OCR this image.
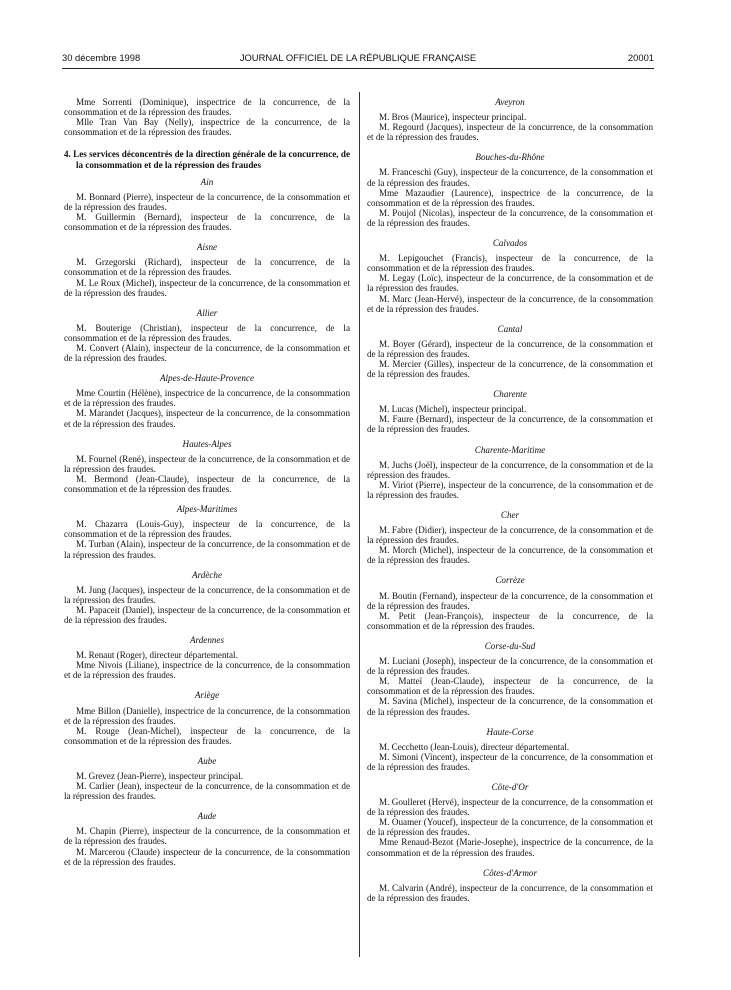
30 décembre 1998	JOURNAL OFFICIEL DE LA RÉPUBLIQUE FRANÇAISE	20001

Mme Sorrenti (Dominique), inspectrice de la concurrence, de la consommation et de la répression des fraudes.

Mlle Tran Van Bay (Nelly), inspectrice de la concurrence, de la consommation et de la répression des fraudes.

4. Les services déconcentrés de la direction générale de la concurrence, de la consommation et de la répression des fraudes

Ain

M. Bonnard (Pierre), inspecteur de la concurrence, de la consommation et de la répression des fraudes.

M. Guillermin (Bernard), inspecteur de la concurrence, de la consommation et de la répression des fraudes.

Aisne

M. Grzegorski (Richard), inspecteur de la concurrence, de la consommation et de la répression des fraudes.

M. Le Roux (Michel), inspecteur de la concurrence, de la consommation et de la répression des fraudes.

Allier

M. Bouterige (Christian), inspecteur de la concurrence, de la consommation et de la répression des fraudes.

M. Convert (Alain), inspecteur de la concurrence, de la consommation et de la répression des fraudes.

Alpes-de-Haute-Provence

Mme Courtin (Hélène), inspectrice de la concurrence, de la consommation et de la répression des fraudes.

M. Marandet (Jacques), inspecteur de la concurrence, de la consommation et de la répression des fraudes.

Hautes-Alpes

M. Fournel (René), inspecteur de la concurrence, de la consommation et de la répression des fraudes.

M. Bermond (Jean-Claude), inspecteur de la concurrence, de la consommation et de la répression des fraudes.

Alpes-Maritimes

M. Chazarra (Louis-Guy), inspecteur de la concurrence, de la consommation et de la répression des fraudes.

M. Turban (Alain), inspecteur de la concurrence, de la consommation et de la répression des fraudes.

Ardèche

M. Jung (Jacques), inspecteur de la concurrence, de la consommation et de la répression des fraudes.

M. Papaceit (Daniel), inspecteur de la concurrence, de la consommation et de la répression des fraudes.

Ardennes

M. Renaut (Roger), directeur départemental.

Mme Nivois (Liliane), inspectrice de la concurrence, de la consommation et de la répression des fraudes.

Ariège

Mme Billon (Danielle), inspectrice de la concurrence, de la consommation et de la répression des fraudes.

M. Rouge (Jean-Michel), inspecteur de la concurrence, de la consommation et de la répression des fraudes.

Aube

M. Grevez (Jean-Pierre), inspecteur principal.

M. Carlier (Jean), inspecteur de la concurrence, de la consommation et de la répression des fraudes.

Aude

M. Chapin (Pierre), inspecteur de la concurrence, de la consommation et de la répression des fraudes.

M. Marcerou (Claude) inspecteur de la concurrence, de la consommation et de la répression des fraudes.

Aveyron

M. Bros (Maurice), inspecteur principal.

M. Regourd (Jacques), inspecteur de la concurrence, de la consommation et de la répression des fraudes.

Bouches-du-Rhône

M. Franceschi (Guy), inspecteur de la concurrence, de la consommation et de la répression des fraudes.

Mme Mazaudier (Laurence), inspectrice de la concurrence, de la consommation et de la répression des fraudes.

M. Poujol (Nicolas), inspecteur de la concurrence, de la consommation et de la répression des fraudes.

Calvados

M. Lepigouchet (Francis), inspecteur de la concurrence, de la consommation et de la répression des fraudes.

M. Legay (Loïc), inspecteur de la concurrence, de la consommation et de la répression des fraudes.

M. Marc (Jean-Hervé), inspecteur de la concurrence, de la consommation et de la répression des fraudes.

Cantal

M. Boyer (Gérard), inspecteur de la concurrence, de la consommation et de la répression des fraudes.

M. Mercier (Gilles), inspecteur de la concurrence, de la consommation et de la répression des fraudes.

Charente

M. Lucas (Michel), inspecteur principal.

M. Faure (Bernard), inspecteur de la concurrence, de la consommation et de la répression des fraudes.

Charente-Maritime

M. Juchs (Joël), inspecteur de la concurrence, de la consommation et de la répression des fraudes.

M. Viriot (Pierre), inspecteur de la concurrence, de la consommation et de la répression des fraudes.

Cher

M. Fabre (Didier), inspecteur de la concurrence, de la consommation et de la répression des fraudes.

M. Morch (Michel), inspecteur de la concurrence, de la consommation et de la répression des fraudes.

Corrèze

M. Boutin (Fernand), inspecteur de la concurrence, de la consommation et de la répression des fraudes.

M. Petit (Jean-François), inspecteur de la concurrence, de la consommation et de la répression des fraudes.

Corse-du-Sud

M. Luciani (Joseph), inspecteur de la concurrence, de la consommation et de la répression des fraudes.

M. Matteï (Jean-Claude), inspecteur de la concurrence, de la consommation et de la répression des fraudes.

M. Savina (Michel), inspecteur de la concurrence, de la consommation et de la répression des fraudes.

Haute-Corse

M. Cecchetto (Jean-Louis), directeur départemental.

M. Simoni (Vincent), inspecteur de la concurrence, de la consommation et de la répression des fraudes.

Côte-d'Or

M. Goulleret (Hervé), inspecteur de la concurrence, de la consommation et de la répression des fraudes.

M. Ouamer (Youcef), inspecteur de la concurrence, de la consommation et de la répression des fraudes.

Mme Renaud-Bezot (Marie-Josephe), inspectrice de la concurrence, de la consommation et de la répression des fraudes.

Côtes-d'Armor

M. Calvarin (André), inspecteur de la concurrence, de la consommation et de la répression des fraudes.
